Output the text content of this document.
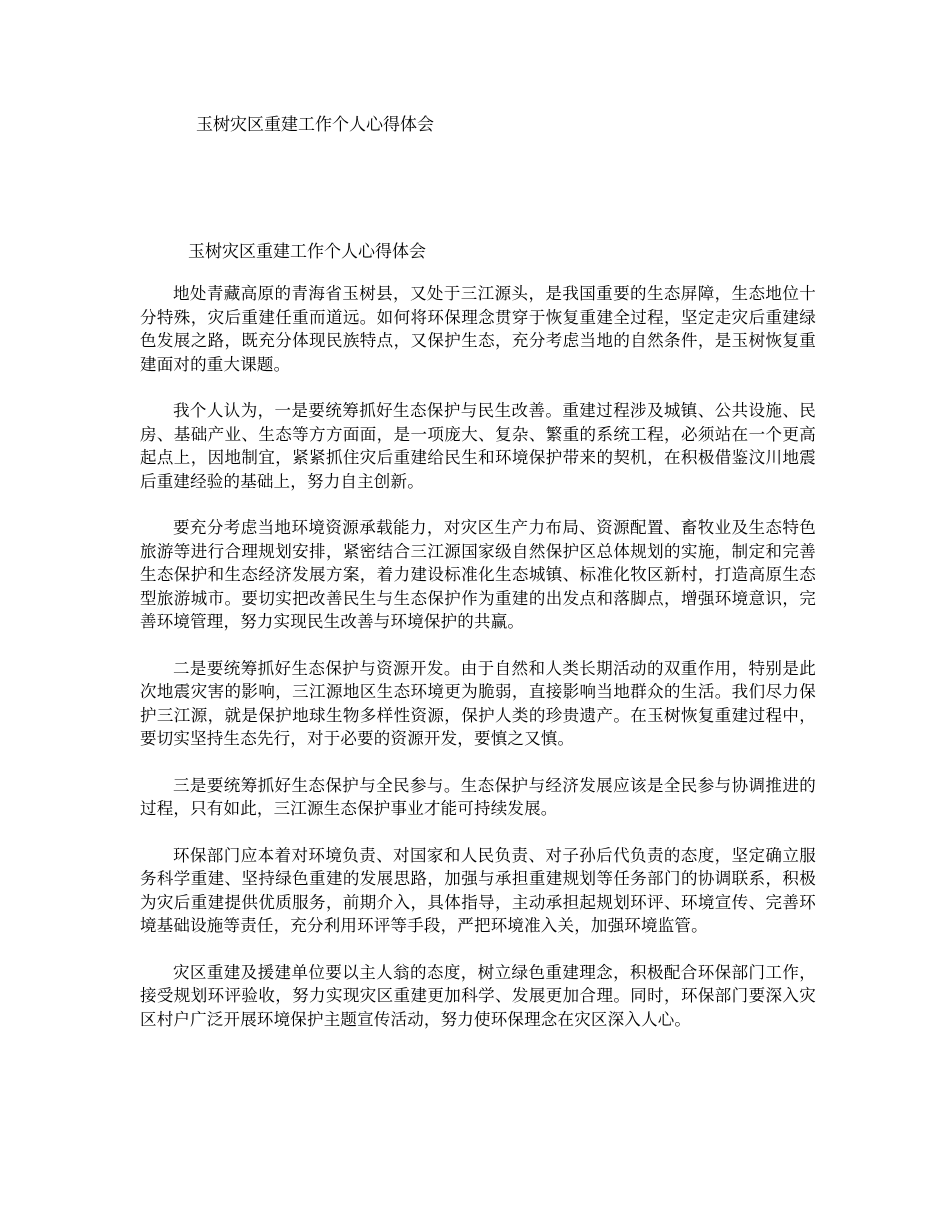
玉树灾区重建工作个人心得体会
玉树灾区重建工作个人心得体会

地处青藏高原的青海省玉树县，又处于三江源头，是我国重要的生态屏障，生态地位十分特殊，灾后重建任重而道远。如何将环保理念贯穿于恢复重建全过程，坚定走灾后重建绿色发展之路，既充分体现民族特点，又保护生态，充分考虑当地的自然条件，是玉树恢复重建面对的重大课题。

我个人认为，一是要统筹抓好生态保护与民生改善。重建过程涉及城镇、公共设施、民房、基础产业、生态等方方面面，是一项庞大、复杂、繁重的系统工程，必须站在一个更高起点上，因地制宜，紧紧抓住灾后重建给民生和环境保护带来的契机，在积极借鉴汶川地震后重建经验的基础上，努力自主创新。

要充分考虑当地环境资源承载能力，对灾区生产力布局、资源配置、畜牧业及生态特色旅游等进行合理规划安排，紧密结合三江源国家级自然保护区总体规划的实施，制定和完善生态保护和生态经济发展方案，着力建设标准化生态城镇、标准化牧区新村，打造高原生态型旅游城市。要切实把改善民生与生态保护作为重建的出发点和落脚点，增强环境意识，完善环境管理，努力实现民生改善与环境保护的共赢。

二是要统筹抓好生态保护与资源开发。由于自然和人类长期活动的双重作用，特别是此次地震灾害的影响，三江源地区生态环境更为脆弱，直接影响当地群众的生活。我们尽力保护三江源，就是保护地球生物多样性资源，保护人类的珍贵遗产。在玉树恢复重建过程中，要切实坚持生态先行，对于必要的资源开发，要慎之又慎。

三是要统筹抓好生态保护与全民参与。生态保护与经济发展应该是全民参与协调推进的过程，只有如此，三江源生态保护事业才能可持续发展。

环保部门应本着对环境负责、对国家和人民负责、对子孙后代负责的态度，坚定确立服务科学重建、坚持绿色重建的发展思路，加强与承担重建规划等任务部门的协调联系，积极为灾后重建提供优质服务，前期介入，具体指导，主动承担起规划环评、环境宣传、完善环境基础设施等责任，充分利用环评等手段，严把环境准入关，加强环境监管。

灾区重建及援建单位要以主人翁的态度，树立绿色重建理念，积极配合环保部门工作，接受规划环评验收，努力实现灾区重建更加科学、发展更加合理。同时，环保部门要深入灾区村户广泛开展环境保护主题宣传活动，努力使环保理念在灾区深入人心。
